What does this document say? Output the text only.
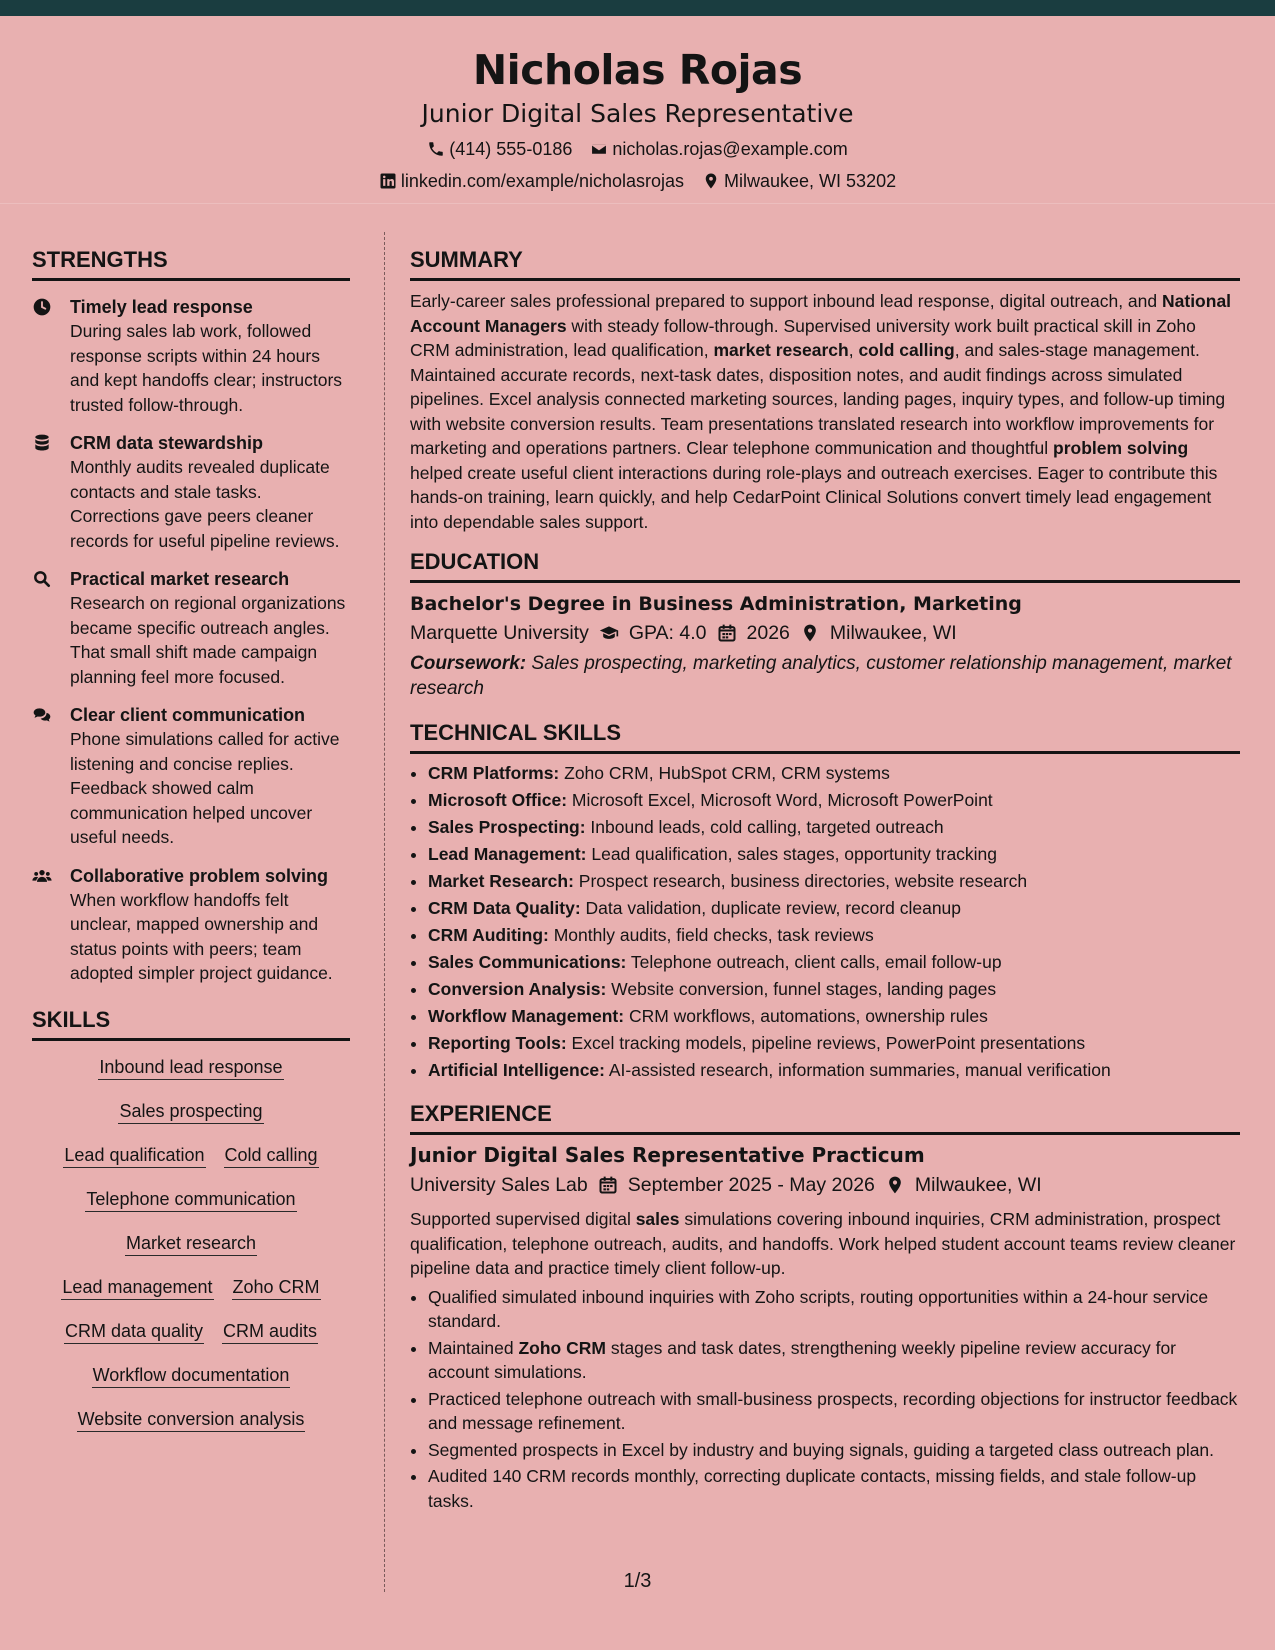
Nicholas Rojas
Junior Digital Sales Representative
(414) 555-0186 nicholas.rojas@example.com
linkedin.com/example/nicholasrojas Milwaukee, WI 53202
STRENGTHS
Timely lead response
During sales lab work, followed response scripts within 24 hours and kept handoffs clear; instructors trusted follow-through.
CRM data stewardship
Monthly audits revealed duplicate contacts and stale tasks. Corrections gave peers cleaner records for useful pipeline reviews.
Practical market research
Research on regional organizations became specific outreach angles. That small shift made campaign planning feel more focused.
Clear client communication
Phone simulations called for active listening and concise replies. Feedback showed calm communication helped uncover useful needs.
Collaborative problem solving
When workflow handoffs felt unclear, mapped ownership and status points with peers; team adopted simpler project guidance.
SKILLS
Inbound lead response
Sales prospecting
Lead qualification Cold calling
Telephone communication
Market research
Lead management Zoho CRM
CRM data quality CRM audits
Workflow documentation
Website conversion analysis
SUMMARY
Early-career sales professional prepared to support inbound lead response, digital outreach, and National Account Managers with steady follow-through. Supervised university work built practical skill in Zoho CRM administration, lead qualification, market research, cold calling, and sales-stage management. Maintained accurate records, next-task dates, disposition notes, and audit findings across simulated pipelines. Excel analysis connected marketing sources, landing pages, inquiry types, and follow-up timing with website conversion results. Team presentations translated research into workflow improvements for marketing and operations partners. Clear telephone communication and thoughtful problem solving helped create useful client interactions during role-plays and outreach exercises. Eager to contribute this hands-on training, learn quickly, and help CedarPoint Clinical Solutions convert timely lead engagement into dependable sales support.
EDUCATION
Bachelor's Degree in Business Administration, Marketing
Marquette University GPA: 4.0 2026 Milwaukee, WI
Coursework: Sales prospecting, marketing analytics, customer relationship management, market research
TECHNICAL SKILLS
• CRM Platforms: Zoho CRM, HubSpot CRM, CRM systems
• Microsoft Office: Microsoft Excel, Microsoft Word, Microsoft PowerPoint
• Sales Prospecting: Inbound leads, cold calling, targeted outreach
• Lead Management: Lead qualification, sales stages, opportunity tracking
• Market Research: Prospect research, business directories, website research
• CRM Data Quality: Data validation, duplicate review, record cleanup
• CRM Auditing: Monthly audits, field checks, task reviews
• Sales Communications: Telephone outreach, client calls, email follow-up
• Conversion Analysis: Website conversion, funnel stages, landing pages
• Workflow Management: CRM workflows, automations, ownership rules
• Reporting Tools: Excel tracking models, pipeline reviews, PowerPoint presentations
• Artificial Intelligence: AI-assisted research, information summaries, manual verification
EXPERIENCE
Junior Digital Sales Representative Practicum
University Sales Lab September 2025 - May 2026 Milwaukee, WI
Supported supervised digital sales simulations covering inbound inquiries, CRM administration, prospect qualification, telephone outreach, audits, and handoffs. Work helped student account teams review cleaner pipeline data and practice timely client follow-up.
• Qualified simulated inbound inquiries with Zoho scripts, routing opportunities within a 24-hour service standard.
• Maintained Zoho CRM stages and task dates, strengthening weekly pipeline review accuracy for account simulations.
• Practiced telephone outreach with small-business prospects, recording objections for instructor feedback and message refinement.
• Segmented prospects in Excel by industry and buying signals, guiding a targeted class outreach plan.
• Audited 140 CRM records monthly, correcting duplicate contacts, missing fields, and stale follow-up tasks.
1/3
